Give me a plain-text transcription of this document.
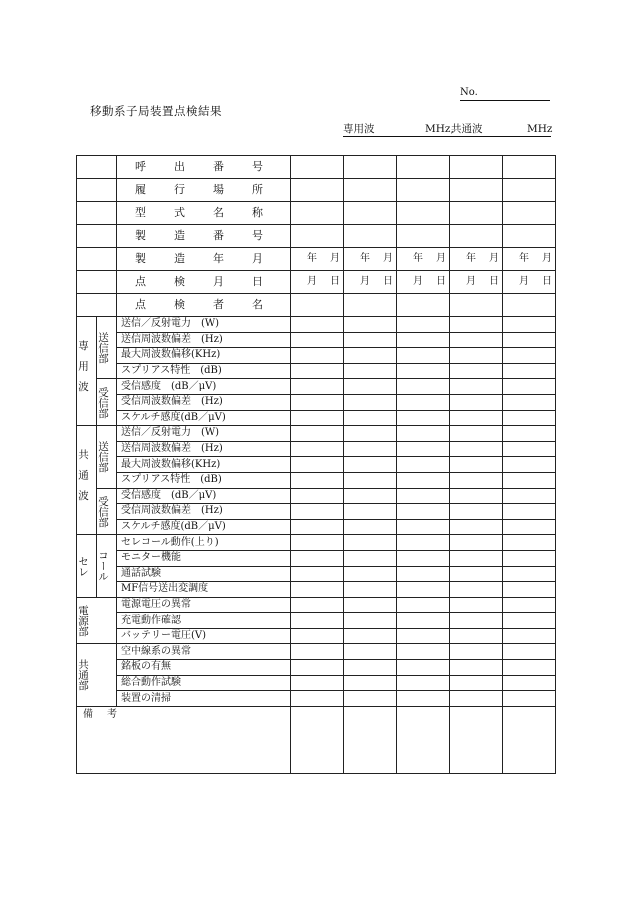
No.
移動系子局装置点検結果
専用波	MHz,
共通波	MHz

		呼 出 番 号					

		履 行 場 所					

		型 式 名 称					

		製 造 番 号					

		製 造 年 月	年 月	年 月	年 月	年 月	年 月

		点 検 月 日	月 日	月 日	月 日	月 日	月 日

		点 検 者 名					

専用波	送信部	送信／反射電力　(W)					
		送信周波数偏差　(Hz)					
		最大周波数偏移(KHz)					
		スプリアス特性　(dB)					

	受信部	受信感度　(dB／μV)					
		受信周波数偏差　(Hz)					
		スケルチ感度(dB／μV)					

共通波	送信部	送信／反射電力　(W)					
		送信周波数偏差　(Hz)					
		最大周波数偏移(KHz)					
		スプリアス特性　(dB)					

	受信部	受信感度　(dB／μV)					
		受信周波数偏差　(Hz)					
		スケルチ感度(dB／μV)					

セレ	コール	セレコール動作(上り)					
		モニター機能					
		通話試験					
		MF信号送出変調度					

電源部		電源電圧の異常					
		充電動作確認					
		バッテリー電圧(V)					

共通部		空中線系の異常					
		銘板の有無					
		総合動作試験					
		装置の清掃					
備考							
